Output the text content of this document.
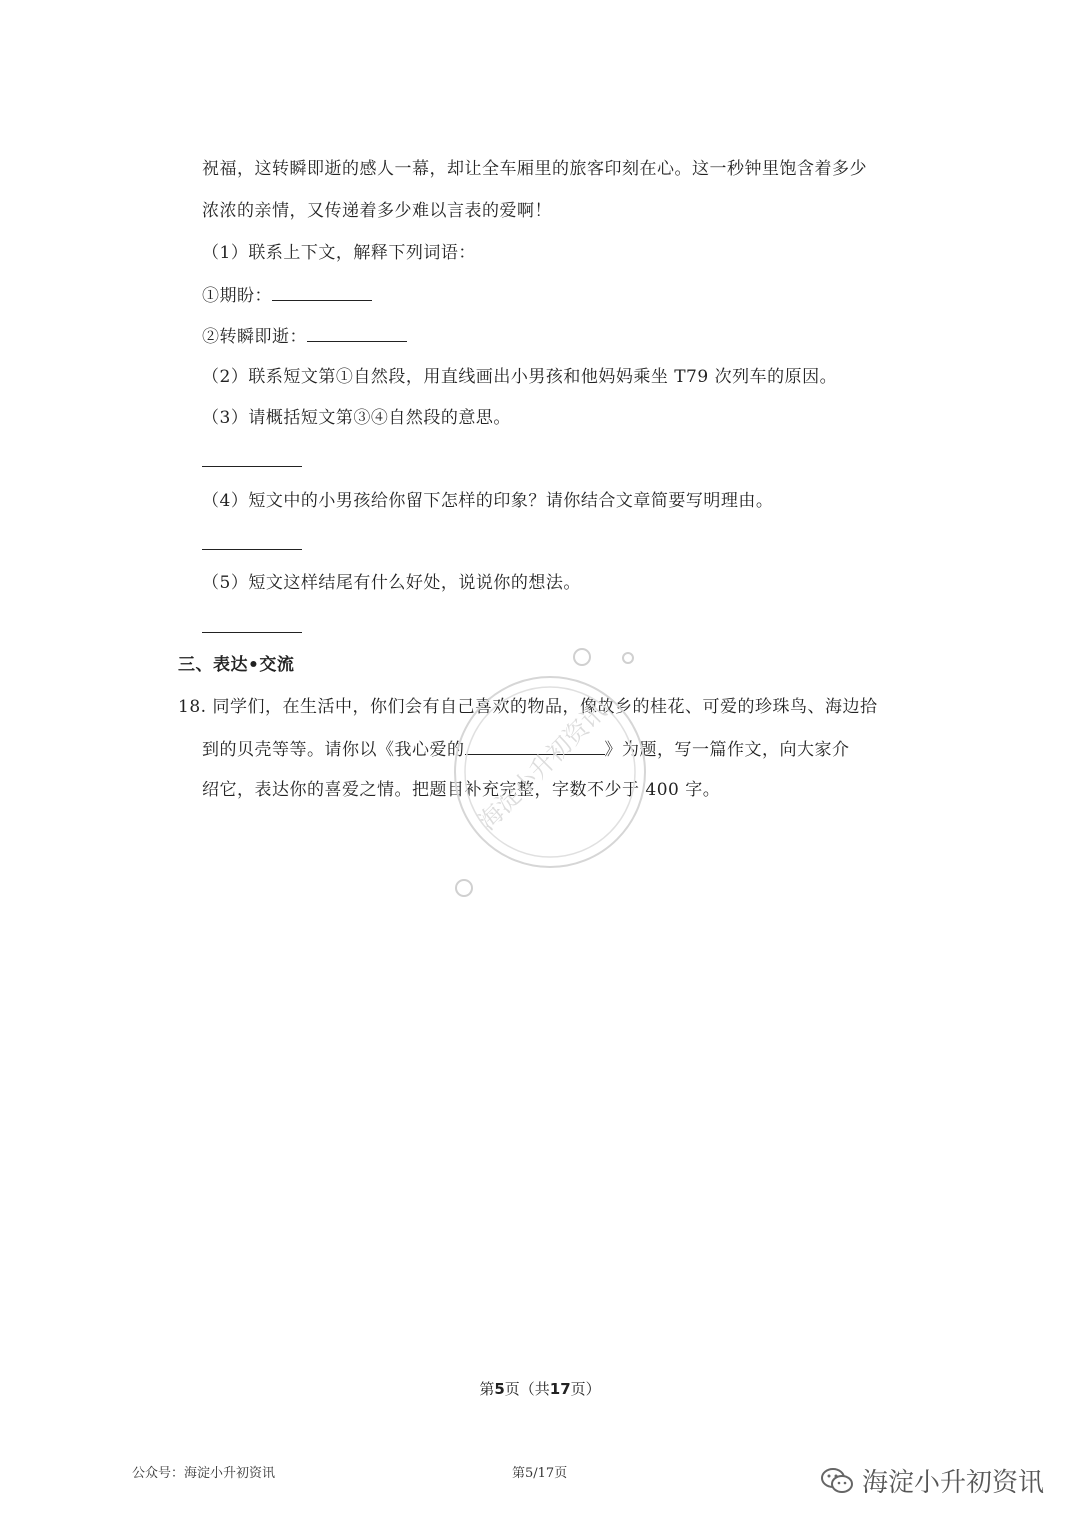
祝福，这转瞬即逝的感人一幕，却让全车厢里的旅客印刻在心。这一秒钟里饱含着多少
浓浓的亲情，又传递着多少难以言表的爱啊！
（1）联系上下文，解释下列词语：
①期盼：
②转瞬即逝：
（2）联系短文第①自然段，用直线画出小男孩和他妈妈乘坐 T79 次列车的原因。
（3）请概括短文第③④自然段的意思。
（4）短文中的小男孩给你留下怎样的印象？请你结合文章简要写明理由。
（5）短文这样结尾有什么好处，说说你的想法。
三、表达•交流
18. 同学们，在生活中，你们会有自己喜欢的物品，像故乡的桂花、可爱的珍珠鸟、海边拾
到的贝壳等等。请你以《我心爱的	》为题，写一篇作文，向大家介
绍它，表达你的喜爱之情。把题目补充完整，字数不少于 400 字。
海淀小升初资讯
第5页（共17页）
公众号：海淀小升初资讯	第5/17页	海淀小升初资讯
